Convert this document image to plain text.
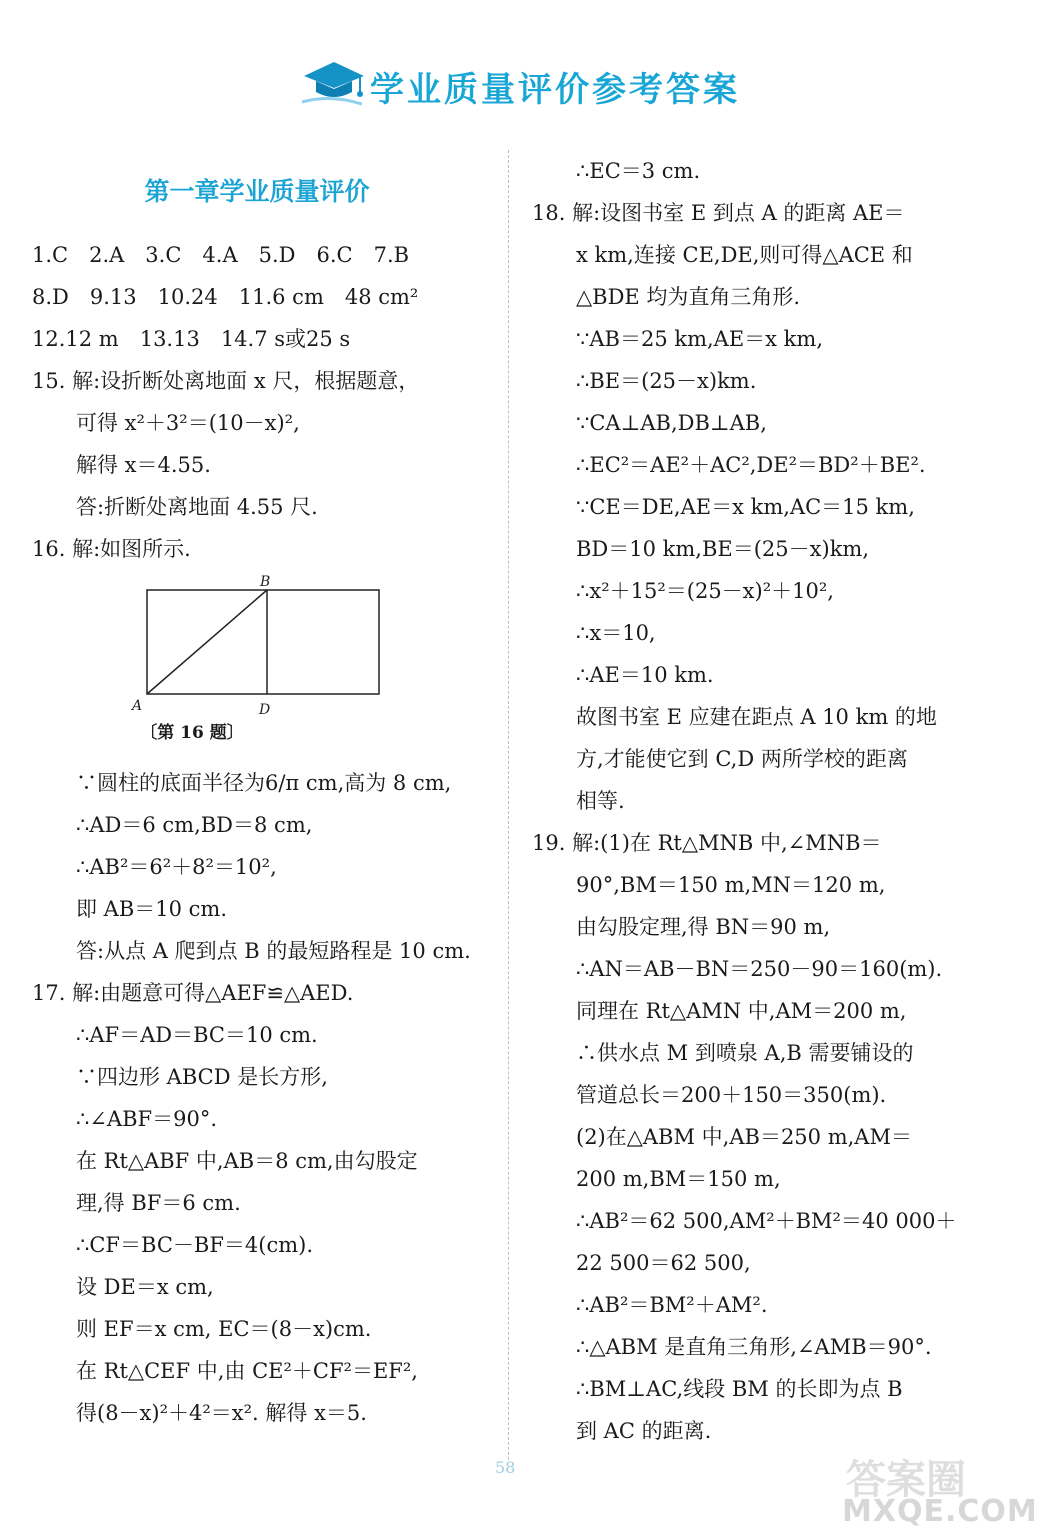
学业质量评价参考答案
第一章学业质量评价
1.C　2.A　3.C　4.A　5.D　6.C　7.B
8.D　9.13　10.24　11.6 cm　48 cm²
12.12 m　13.13　14.7 s或25 s
15. 解:设折断处离地面 x 尺，根据题意，
可得 x²＋3²＝(10－x)²,
解得 x＝4.55.
答:折断处离地面 4.55 尺.
16. 解:如图所示.
B
A	D
〔第 16 题〕
∵圆柱的底面半径为6/π cm,高为 8 cm,
∴AD＝6 cm,BD＝8 cm,
∴AB²＝6²＋8²＝10²,
即 AB＝10 cm.
答:从点 A 爬到点 B 的最短路程是 10 cm.
17. 解:由题意可得△AEF≌△AED.
∴AF＝AD＝BC＝10 cm.
∵四边形 ABCD 是长方形,
∴∠ABF＝90°.
在 Rt△ABF 中,AB＝8 cm,由勾股定
理,得 BF＝6 cm.
∴CF＝BC－BF＝4(cm).
设 DE＝x cm,
则 EF＝x cm, EC＝(8－x)cm.
在 Rt△CEF 中,由 CE²＋CF²＝EF²,
得(8－x)²＋4²＝x². 解得 x＝5.
∴EC＝3 cm.
18. 解:设图书室 E 到点 A 的距离 AE＝
x km,连接 CE,DE,则可得△ACE 和
△BDE 均为直角三角形.
∵AB＝25 km,AE＝x km,
∴BE＝(25－x)km.
∵CA⊥AB,DB⊥AB,
∴EC²＝AE²＋AC²,DE²＝BD²＋BE².
∵CE＝DE,AE＝x km,AC＝15 km,
BD＝10 km,BE＝(25－x)km,
∴x²＋15²＝(25－x)²＋10²,
∴x＝10,
∴AE＝10 km.
故图书室 E 应建在距点 A 10 km 的地
方,才能使它到 C,D 两所学校的距离
相等.
19. 解:(1)在 Rt△MNB 中,∠MNB＝
90°,BM＝150 m,MN＝120 m,
由勾股定理,得 BN＝90 m,
∴AN＝AB－BN＝250－90＝160(m).
同理在 Rt△AMN 中,AM＝200 m,
∴供水点 M 到喷泉 A,B 需要铺设的
管道总长＝200＋150＝350(m).
(2)在△ABM 中,AB＝250 m,AM＝
200 m,BM＝150 m,
∴AB²＝62 500,AM²＋BM²＝40 000＋
22 500＝62 500,
∴AB²＝BM²＋AM².
∴△ABM 是直角三角形,∠AMB＝90°.
∴BM⊥AC,线段 BM 的长即为点 B
到 AC 的距离.
58	答案圈
MXQE.COM
